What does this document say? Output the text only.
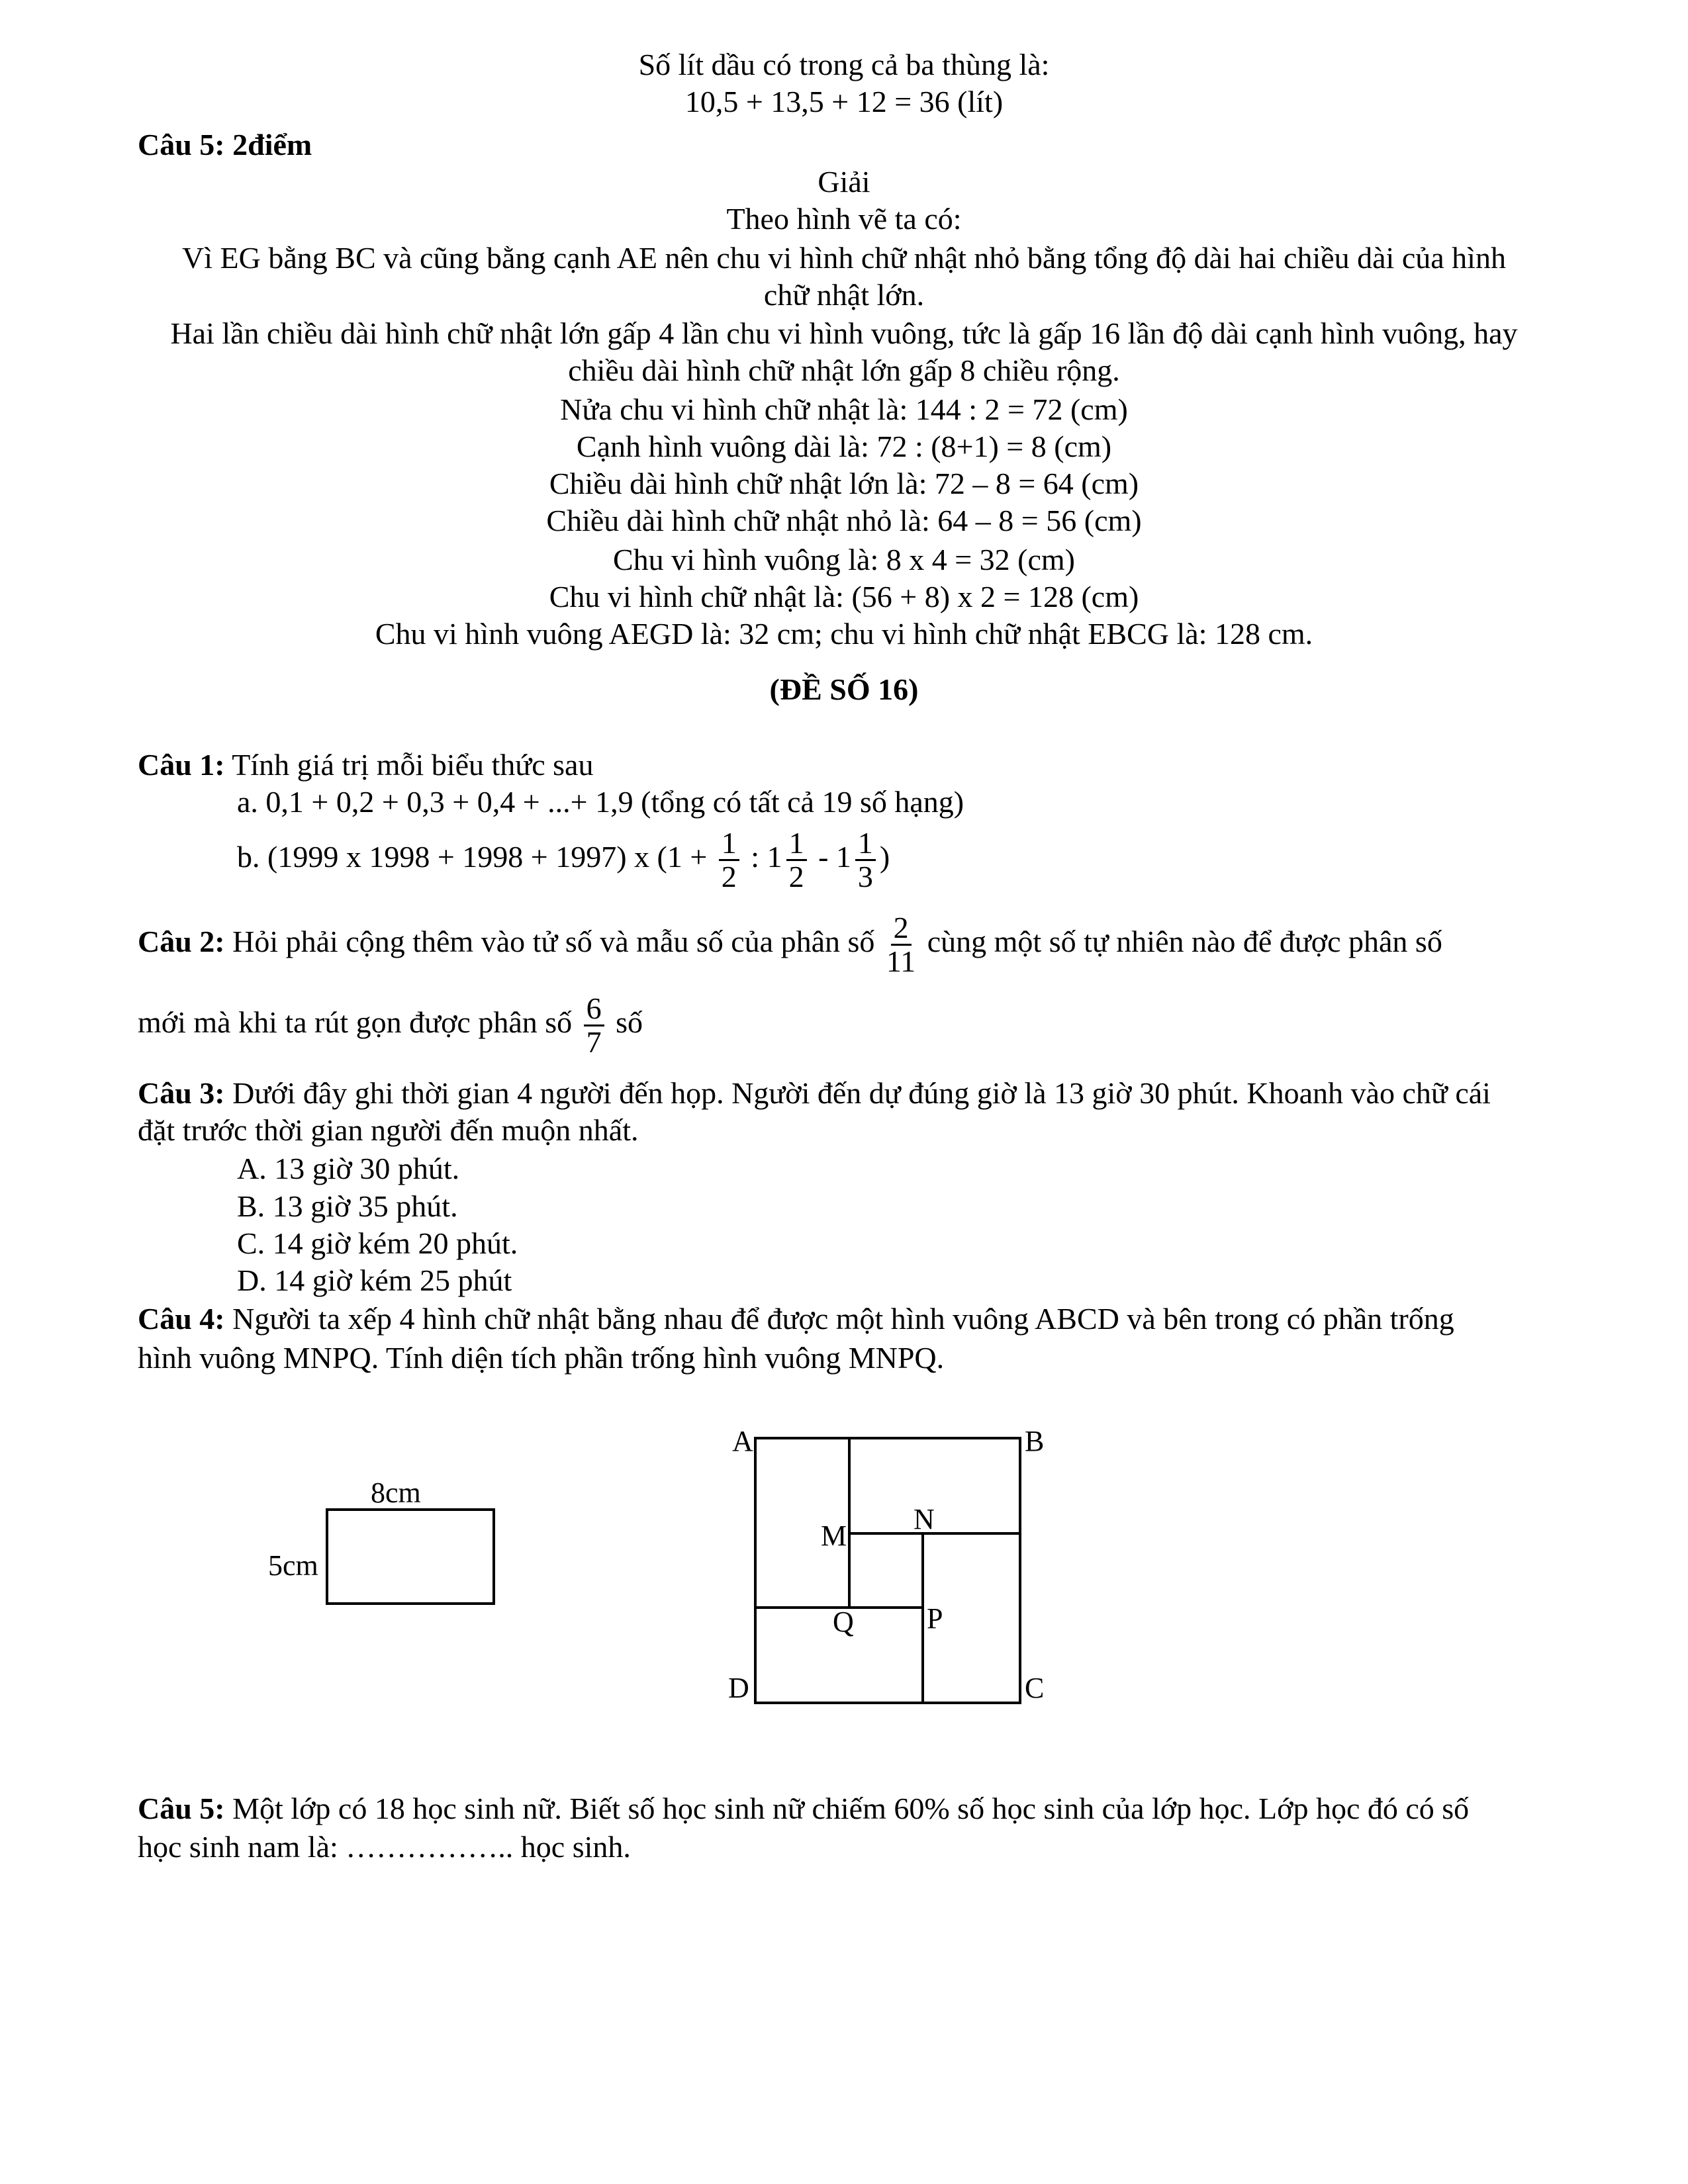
Số lít dầu có trong cả ba thùng là:
10,5 + 13,5 + 12 = 36 (lít)
Câu 5: 2điểm
Giải
Theo hình vẽ ta có:
Vì EG bằng BC và cũng bằng cạnh AE nên chu vi hình chữ nhật nhỏ bằng tổng độ dài hai chiều dài của hình
chữ nhật lớn.
Hai lần chiều dài hình chữ nhật lớn gấp 4 lần chu vi hình vuông, tức là gấp 16 lần độ dài cạnh hình vuông, hay
chiều dài hình chữ nhật lớn gấp 8 chiều rộng.
Nửa chu vi hình chữ nhật là: 144 : 2 = 72 (cm)
Cạnh hình vuông dài là: 72 : (8+1) = 8 (cm)
Chiều dài hình chữ nhật lớn là: 72 – 8 = 64 (cm)
Chiều dài hình chữ nhật nhỏ là: 64 – 8 = 56 (cm)
Chu vi hình vuông là: 8 x 4 = 32 (cm)
Chu vi hình chữ nhật là: (56 + 8) x 2 = 128 (cm)
Chu vi hình vuông AEGD là: 32 cm; chu vi hình chữ nhật EBCG là: 128 cm.
(ĐỀ SỐ 16)
Câu 1: Tính giá trị mỗi biểu thức sau
a. 0,1 + 0,2 + 0,3 + 0,4 + ...+ 1,9 (tổng có tất cả 19 số hạng)
b. (1999 x 1998 + 1998 + 1997) x ($1 + \frac{1}{2}$ : $1 \frac{1}{2} - 1 \frac{1}{3}$ )
Câu 2: Hỏi phải cộng thêm vào tử số và mẫu số của phân số $\frac{2}{11}$ cùng một số tự nhiên nào để được phân số
mới mà khi ta rút gọn được phân số $\frac{6}{7}$ số
Câu 3: Dưới đây ghi thời gian 4 người đến họp. Người đến dự đúng giờ là 13 giờ 30 phút. Khoanh vào chữ cái
đặt trước thời gian người đến muộn nhất.
A. 13 giờ 30 phút.
B. 13 giờ 35 phút.
C. 14 giờ kém 20 phút.
D. 14 giờ kém 25 phút
Câu 4: Người ta xếp 4 hình chữ nhật bằng nhau để được một hình vuông ABCD và bên trong có phần trống
hình vuông MNPQ. Tính diện tích phần trống hình vuông MNPQ.
8cm
5cm
A	B
C
D
M
N
P
Q
Câu 5: Một lớp có 18 học sinh nữ. Biết số học sinh nữ chiếm 60% số học sinh của lớp học. Lớp học đó có số
học sinh nam là: …………….. học sinh.
